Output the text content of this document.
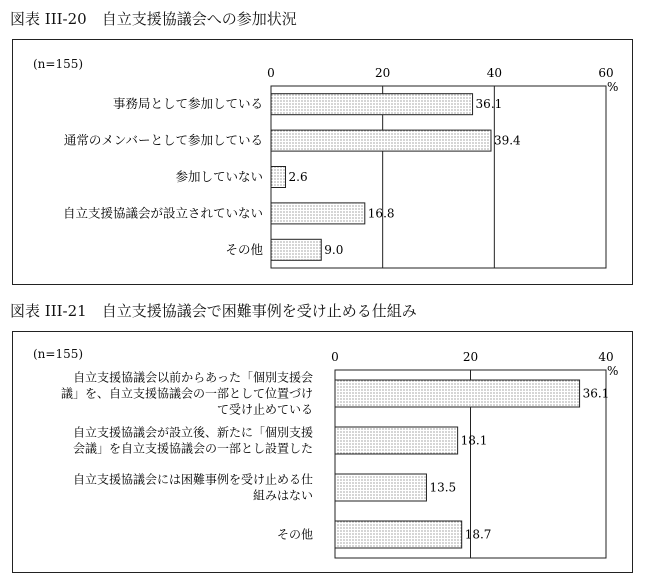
図表 III-20　自立支援協議会への参加状況
(n=155)
0	20	40	60
%
36.1
事務局として参加している
39.4
通常のメンバーとして参加している
2.6
参加していない
16.8
自立支援協議会が設立されていない
9.0
その他
図表 III-21　自立支援協議会で困難事例を受け止める仕組み
(n=155)	0	20	40
%
36.1
自立支援協議会以前からあった「個別支援会
議」を、自立支援協議会の一部として位置づけ
て受け止めている
18.1
自立支援協議会が設立後、新たに「個別支援
会議」を自立支援協議会の一部とし設置した
13.5
自立支援協議会には困難事例を受け止める仕
組みはない
18.7
その他
